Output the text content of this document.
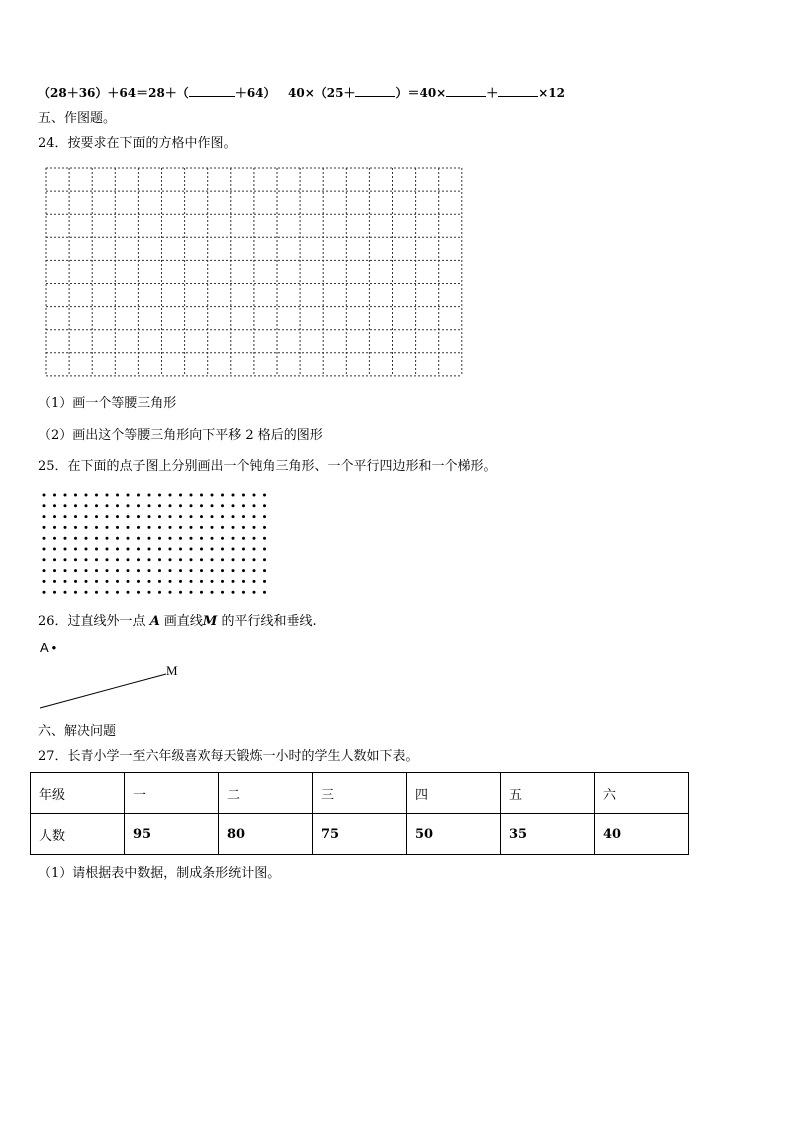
（28＋36）＋64＝28＋（	＋64） 40×（25＋	）＝40×	＋	×12
五、作图题。
24．按要求在下面的方格中作图。
（1）画一个等腰三角形
（2）画出这个等腰三角形向下平移 2 格后的图形
25．在下面的点子图上分别画出一个钝角三角形、一个平行四边形和一个梯形。
26．过直线外一点 A 画直线M 的平行线和垂线.
A •
M
六、解决问题
27．长青小学一至六年级喜欢每天锻炼一小时的学生人数如下表。
年级	一	二	三	四	五	六
人数	95	80	75	50	35	40
（1）请根据表中数据，制成条形统计图。
